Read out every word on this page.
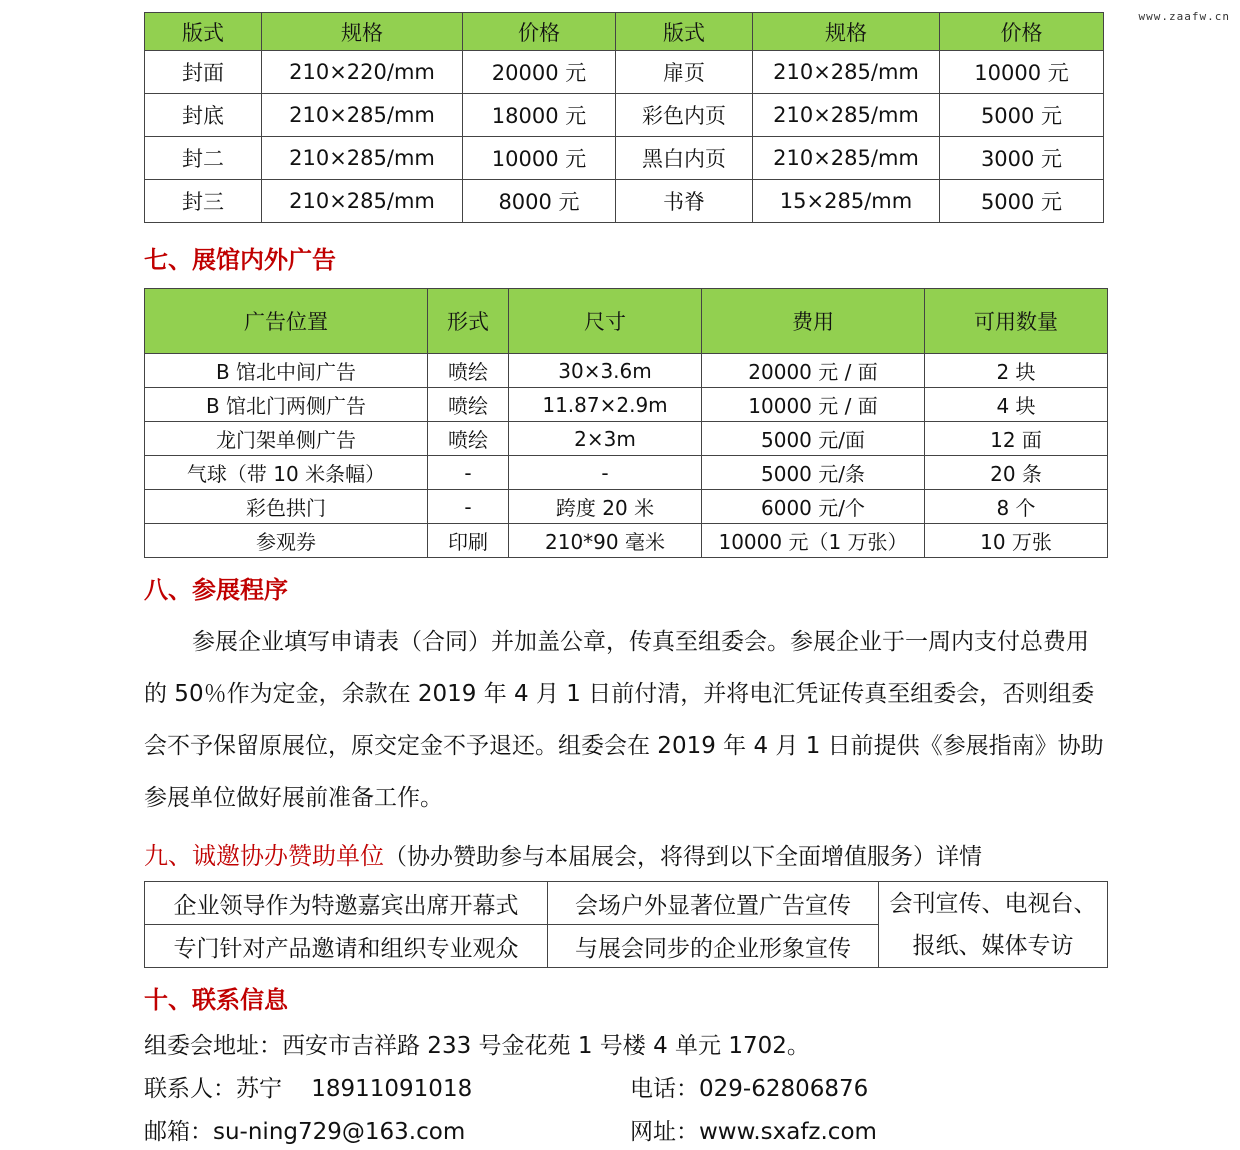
www.zaafw.cn
版式	规格	价格	版式	规格	价格
封面	210×220/mm	20000 元	扉页	210×285/mm	10000 元
封底	210×285/mm	18000 元	彩色内页	210×285/mm	5000 元
封二	210×285/mm	10000 元	黑白内页	210×285/mm	3000 元
封三	210×285/mm	8000 元	书脊	15×285/mm	5000 元
七、展馆内外广告
广告位置	形式	尺寸	费用	可用数量
B 馆北中间广告	喷绘	30×3.6m	20000 元 / 面	2 块
B 馆北门两侧广告	喷绘	11.87×2.9m	10000 元 / 面	4 块
龙门架单侧广告	喷绘	2×3m	5000 元/面	12 面
气球（带 10 米条幅）	-	-	5000 元/条	20 条
彩色拱门	-	跨度 20 米	6000 元/个	8 个
参观券	印刷	210*90 毫米	10000 元（1 万张）	10 万张
八、参展程序

参展企业填写申请表（合同）并加盖公章，传真至组委会。参展企业于一周内支付总费用的 50％作为定金，余款在 2019 年 4 月 1 日前付清，并将电汇凭证传真至组委会，否则组委会不予保留原展位，原交定金不予退还。组委会在 2019 年 4 月 1 日前提供《参展指南》协助参展单位做好展前准备工作。

九、诚邀协办赞助单位（协办赞助参与本届展会，将得到以下全面增值服务）详情
企业领导作为特邀嘉宾出席开幕式	会场户外显著位置广告宣传	会刊宣传、电视台、
报纸、媒体专访

专门针对产品邀请和组织专业观众	与展会同步的企业形象宣传	
十、联系信息

组委会地址：西安市吉祥路 233 号金花苑 1 号楼 4 单元 1702。

联系人：苏宁    18911091018	电话：029-62806876

邮箱：su-ning729@163.com	网址：www.sxafz.com
